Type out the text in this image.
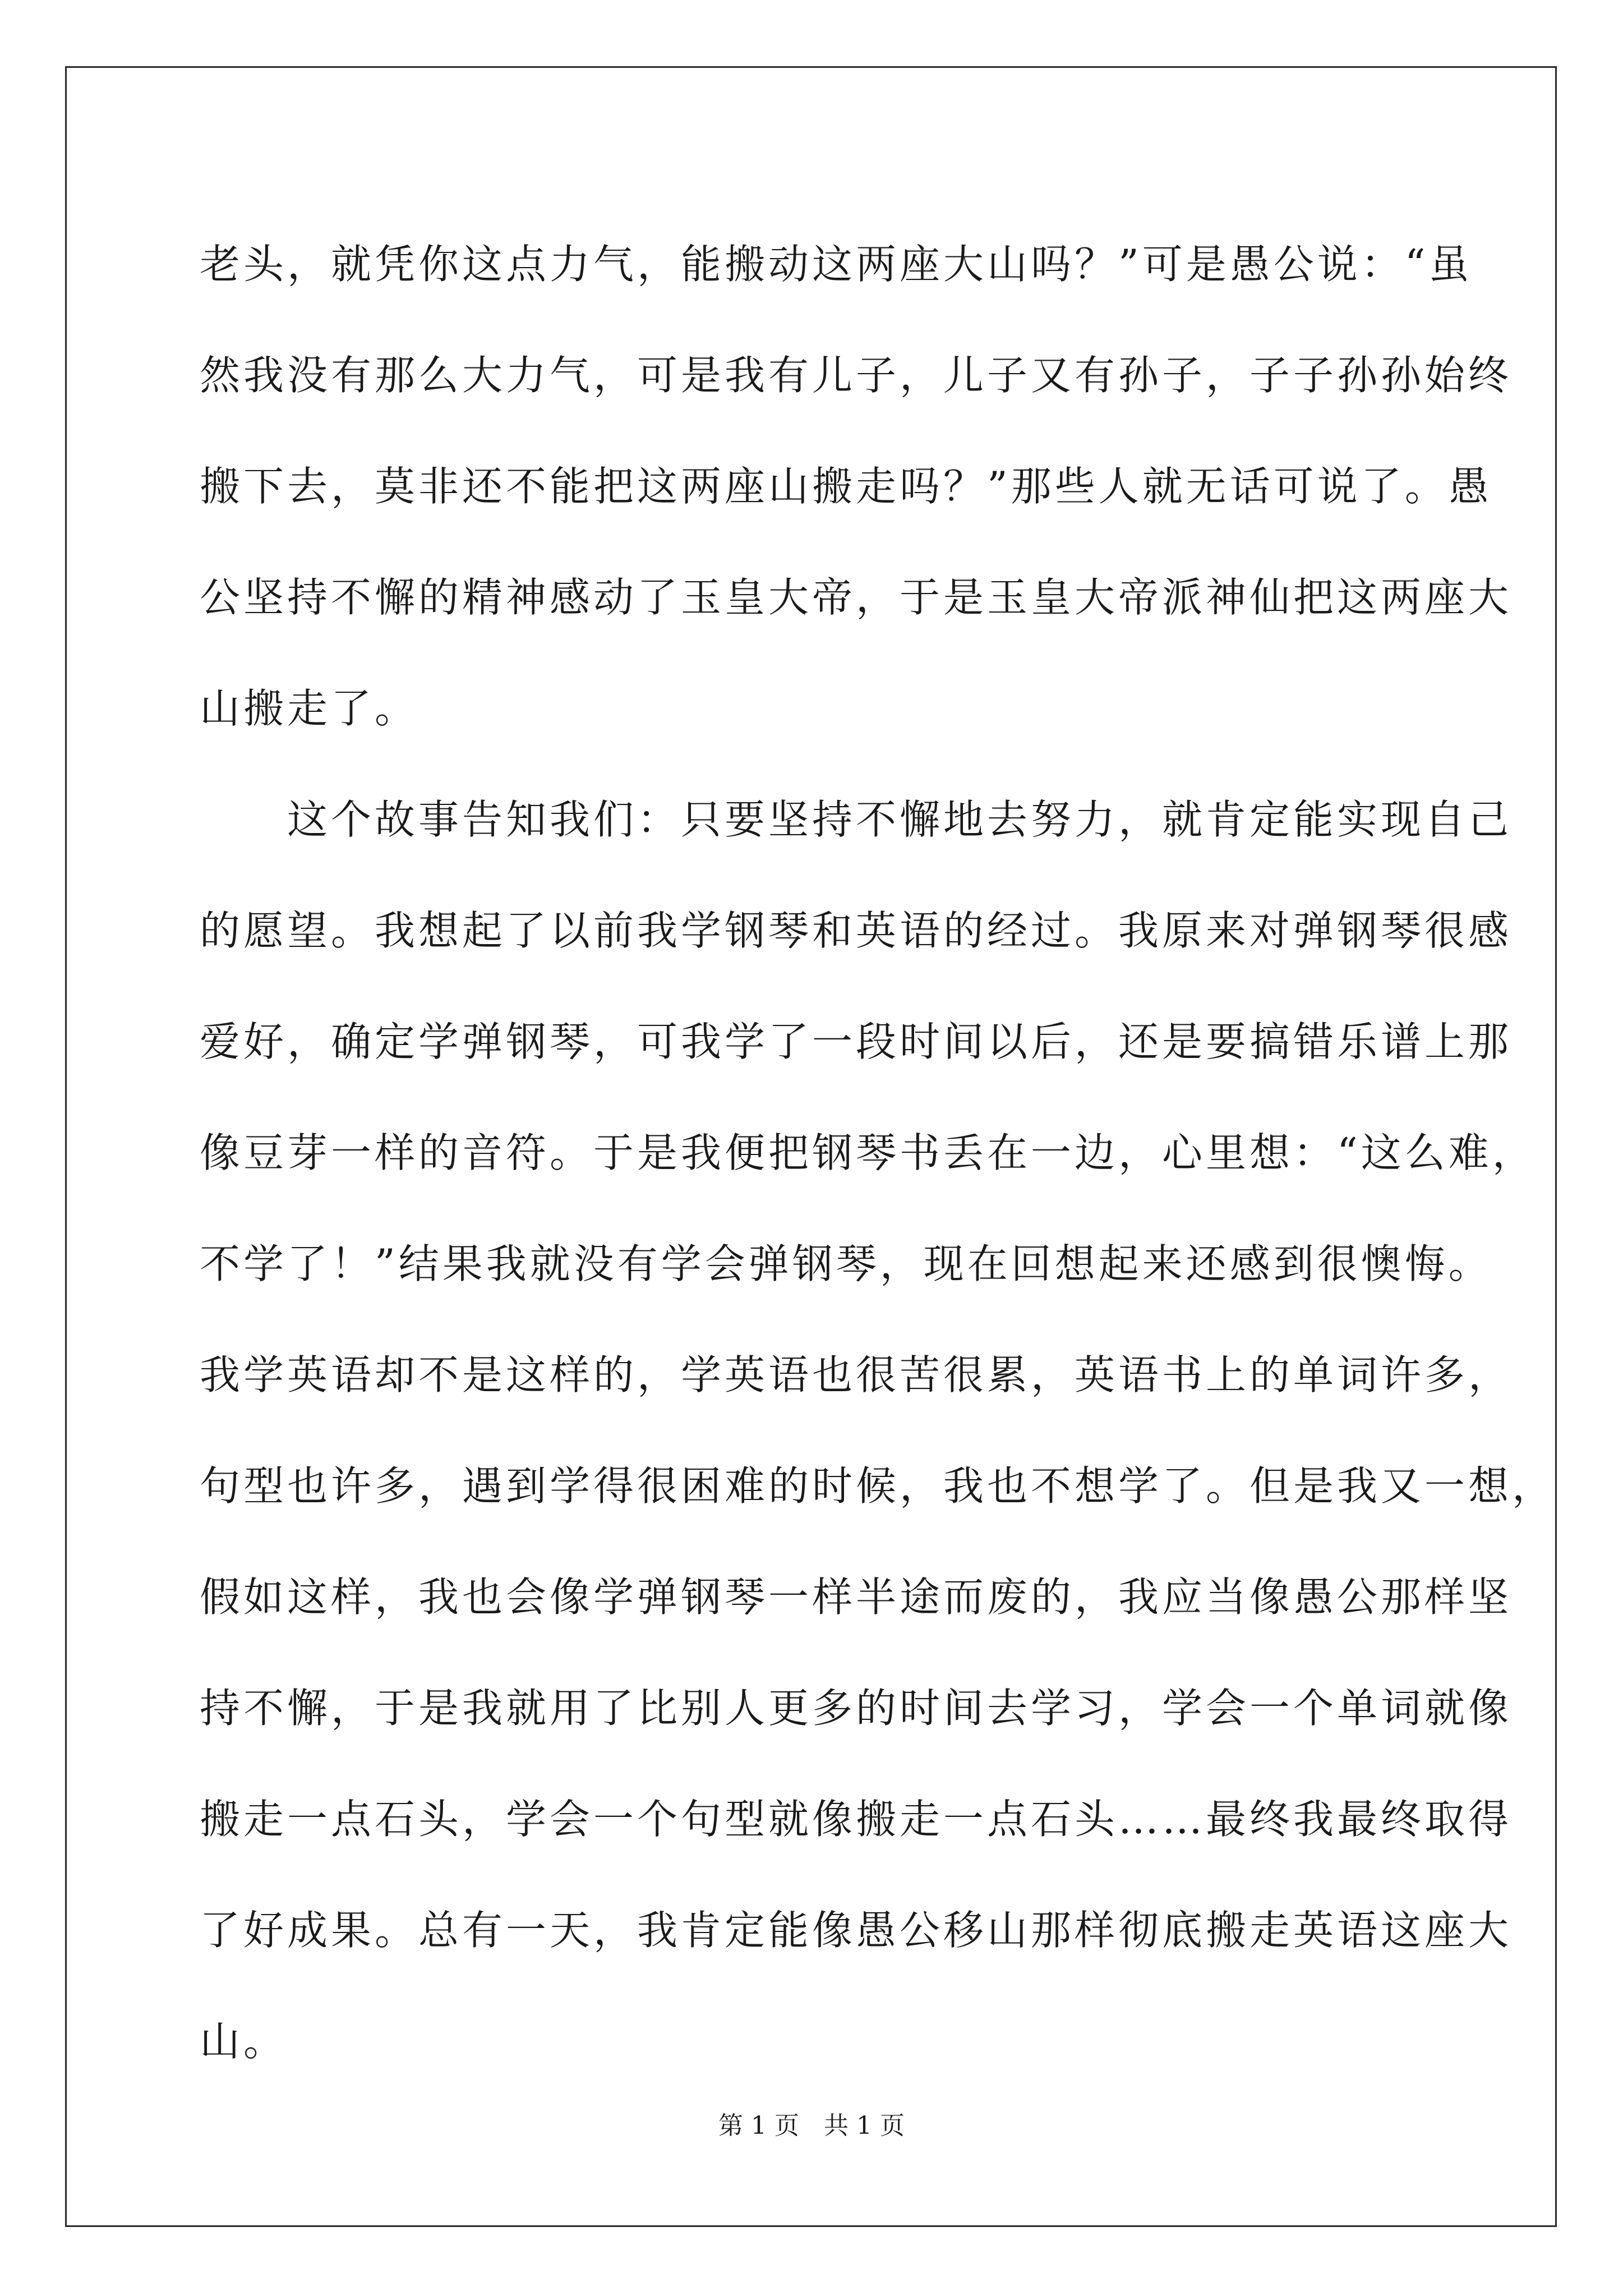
老头，就凭你这点力气，能搬动这两座大山吗？”可是愚公说：“虽
然我没有那么大力气，可是我有儿子，儿子又有孙子，子子孙孙始终
搬下去，莫非还不能把这两座山搬走吗？”那些人就无话可说了。愚
公坚持不懈的精神感动了玉皇大帝，于是玉皇大帝派神仙把这两座大
山搬走了。
　　这个故事告知我们：只要坚持不懈地去努力，就肯定能实现自己
的愿望。我想起了以前我学钢琴和英语的经过。我原来对弹钢琴很感
爱好，确定学弹钢琴，可我学了一段时间以后，还是要搞错乐谱上那
像豆芽一样的音符。于是我便把钢琴书丢在一边，心里想：“这么难，
不学了！”结果我就没有学会弹钢琴，现在回想起来还感到很懊悔。
我学英语却不是这样的，学英语也很苦很累，英语书上的单词许多，
句型也许多，遇到学得很困难的时候，我也不想学了。但是我又一想，
假如这样，我也会像学弹钢琴一样半途而废的，我应当像愚公那样坚
持不懈，于是我就用了比别人更多的时间去学习，学会一个单词就像
搬走一点石头，学会一个句型就像搬走一点石头……最终我最终取得
了好成果。总有一天，我肯定能像愚公移山那样彻底搬走英语这座大
山。
第 1 页　共 1 页
